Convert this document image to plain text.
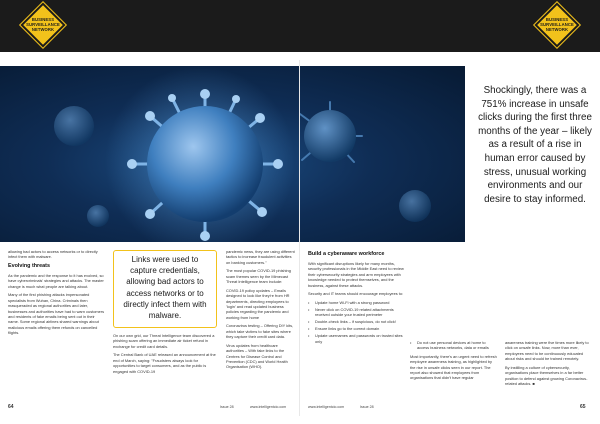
BUSINESS
SURVEILLANCE
NETWORK
BUSINESS
SURVEILLANCE
NETWORK

Shockingly, there was a 751% increase in unsafe clicks during the first three months of the year – likely as a result of a rise in human error caused by stress, unusual working environments and our desire to stay informed.

allowing bad actors to access networks or to directly infect them with malware.

Evolving threats

As the pandemic and the response to it has evolved, so have cybercriminals' strategies and attacks. The master change is much what people are talking about.

Many of the first phishing attacks impersonated specialists from Wuhan, China. Criminals then masqueraded as regional authorities and later, businesses and authorities have had to warn customers and residents of fake emails being sent out in their name. Some regional airlines shared warnings about malicious emails offering them refunds on cancelled flights.

Links were used to capture credentials, allowing bad actors to access networks or to directly infect them with malware.

On our own grid, our Threat Intelligence team discovered a phishing scam offering an immediate air ticket refund in exchange for credit card details.

The Central Bank of UAE released an announcement at the end of March, saying: "Fraudsters always look for opportunities to target consumers, and as the public is engaged with COVID-19

pandemic news, they are using different tactics to increase fraudulent activities on banking customers."

The most popular COVID-19 phishing scam themes seen by the Mimecast Threat Intelligence team include:

COVID-19 policy updates – Emails designed to look like they're from HR departments, directing employees to 'login' and read updated business policies regarding the pandemic and working from home

Coronavirus testing – Offering DIY kits, which take victims to fake sites where they capture their credit card data.

Virus updates from healthcare authorities – With fake links to the Centres for Disease Control and Prevention (CDC) and World Health Organisation (WHO).

Build a cyberaware workforce

With significant disruptions likely for many months, security professionals in the Middle East need to review their cybersecurity strategies and arm employees with knowledge needed to protect themselves, and the business, against these attacks.

Security and IT teams should encourage employees to:

• Update home Wi-Fi with a strong password
• Never click on COVID-19 related attachments received outside your trusted perimeter
• Double-check links – if suspicious, do not click!
• Ensure links go to the correct domain
• Update usernames and passwords on trusted sites only
•	Do not use personal devices at home to access business networks, data or emails

Most importantly, there's an urgent need to refresh employee awareness training, as highlighted by the rise in unsafe clicks seen in our report. The report also showed that employees from organisations that didn't have regular

awareness training were five times more likely to click on unsafe links. Now, more than ever, employees need to be continuously educated about risks and should be trained remotely.

By instilling a culture of cybersecurity, organisations place themselves in a far better position to defend against growing Coronavirus-related attacks. ■

64	Issue 28	www.intelligentcio.com	www.intelligentcio.com	Issue 28	65
